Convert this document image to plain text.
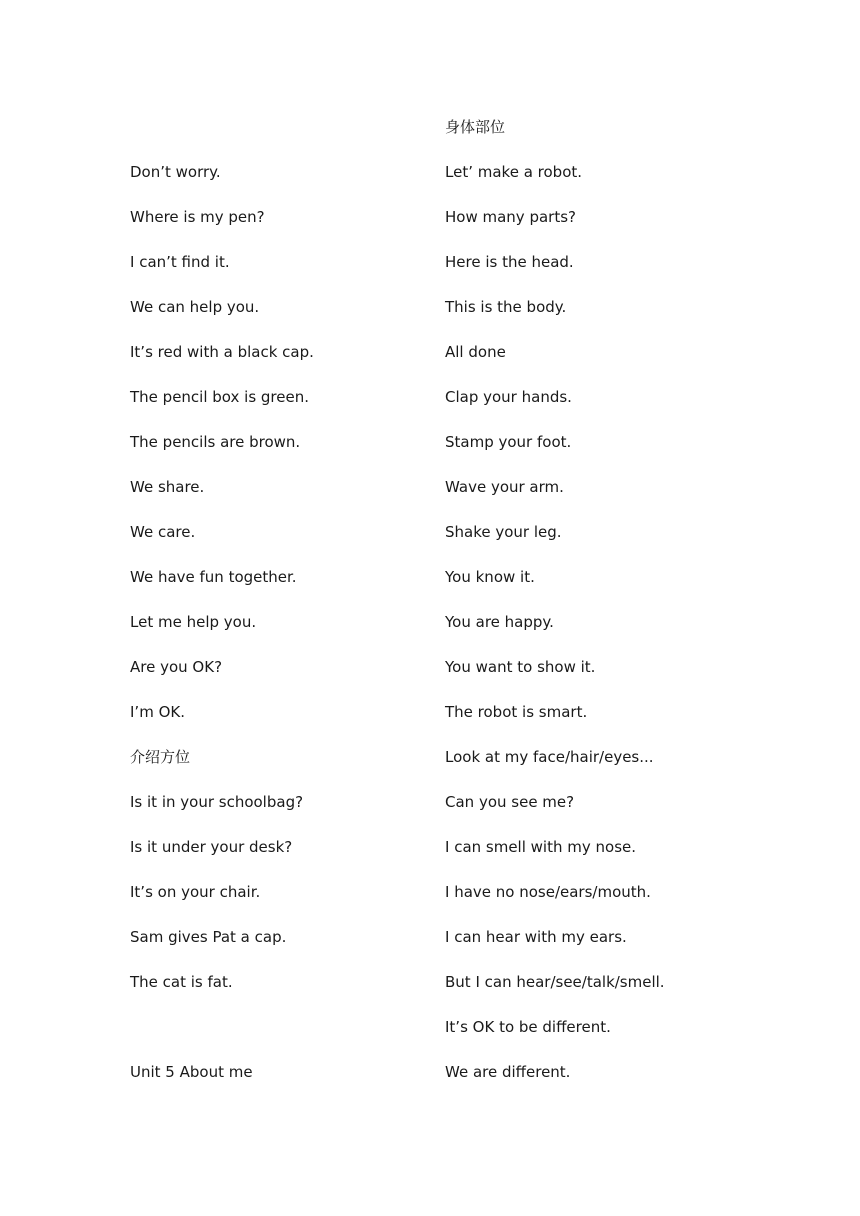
Don’t worry.
Where is my pen?
I can’t find it.
We can help you.
It’s red with a black cap.
The pencil box is green.
The pencils are brown.
We share.
We care.
We have fun together.
Let me help you.
Are you OK?
I’m OK.
介绍方位
Is it in your schoolbag?
Is it under your desk?
It’s on your chair.
Sam gives Pat a cap.
The cat is fat.
Unit 5 About me
身体部位
Let’ make a robot.
How many parts?
Here is the head.
This is the body.
All done
Clap your hands.
Stamp your foot.
Wave your arm.
Shake your leg.
You know it.
You are happy.
You want to show it.
The robot is smart.
Look at my face/hair/eyes...
Can you see me?
I can smell with my nose.
I have no nose/ears/mouth.
I can hear with my ears.
But I can hear/see/talk/smell.
It’s OK to be different.
We are different.
